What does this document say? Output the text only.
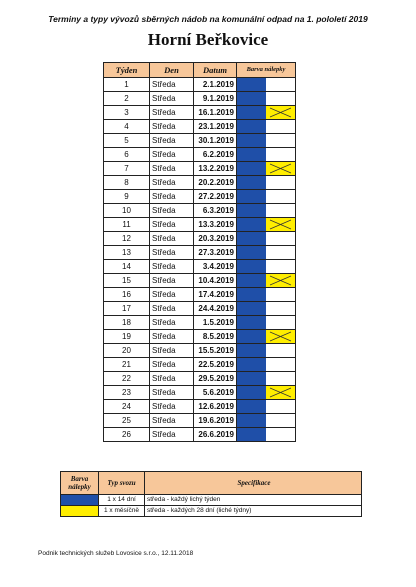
Terminy a typy vývozů sběrných nádob na komunální odpad na 1. pololetí 2019
Horní Beřkovice
Týden	Den	Datum	Barva nálepky
1	Středa	2.1.2019	

2	Středa	9.1.2019	

3	Středa	16.1.2019	

4	Středa	23.1.2019	

5	Středa	30.1.2019	

6	Středa	6.2.2019	

7	Středa	13.2.2019	

8	Středa	20.2.2019	

9	Středa	27.2.2019	

10	Středa	6.3.2019	

11	Středa	13.3.2019	

12	Středa	20.3.2019	

13	Středa	27.3.2019	

14	Středa	3.4.2019	

15	Středa	10.4.2019	

16	Středa	17.4.2019	

17	Středa	24.4.2019	

18	Středa	1.5.2019	

19	Středa	8.5.2019	

20	Středa	15.5.2019	

21	Středa	22.5.2019	

22	Středa	29.5.2019	

23	Středa	5.6.2019	

24	Středa	12.6.2019	

25	Středa	19.6.2019	

26	Středa	26.6.2019	
Barva nálepky	Typ svozu	Specifikace
	1 x 14 dní	středa - každý lichý týden
	1 x měsíčně	středa - každých 28 dní (liché týdny)
Podnik technických služeb Lovosice s.r.o., 12.11.2018
